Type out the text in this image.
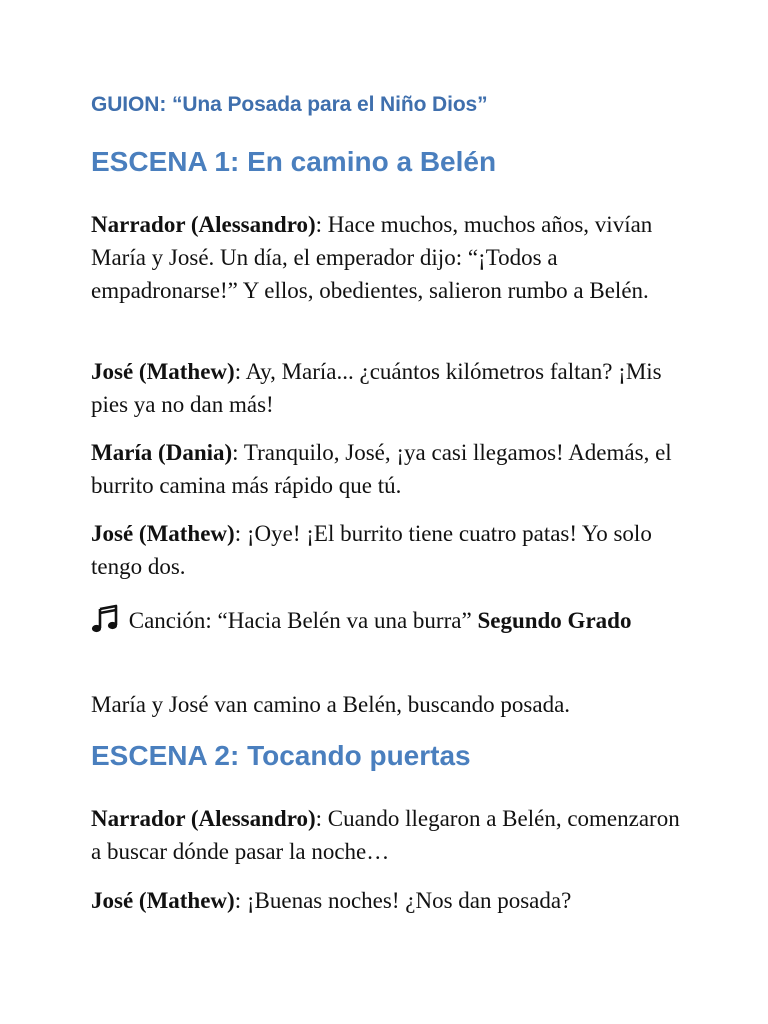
GUION: “Una Posada para el Niño Dios”
ESCENA 1: En camino a Belén

Narrador (Alessandro): Hace muchos, muchos años, vivían María y José. Un día, el emperador dijo: “¡Todos a empadronarse!” Y ellos, obedientes, salieron rumbo a Belén.

José (Mathew): Ay, María... ¿cuántos kilómetros faltan? ¡Mis pies ya no dan más!

María (Dania): Tranquilo, José, ¡ya casi llegamos! Además, el burrito camina más rápido que tú.

José (Mathew): ¡Oye! ¡El burrito tiene cuatro patas! Yo solo tengo dos.

Canción: “Hacia Belén va una burra” Segundo Grado

María y José van camino a Belén, buscando posada.

ESCENA 2: Tocando puertas

Narrador (Alessandro): Cuando llegaron a Belén, comenzaron a buscar dónde pasar la noche…

José (Mathew): ¡Buenas noches! ¿Nos dan posada?
